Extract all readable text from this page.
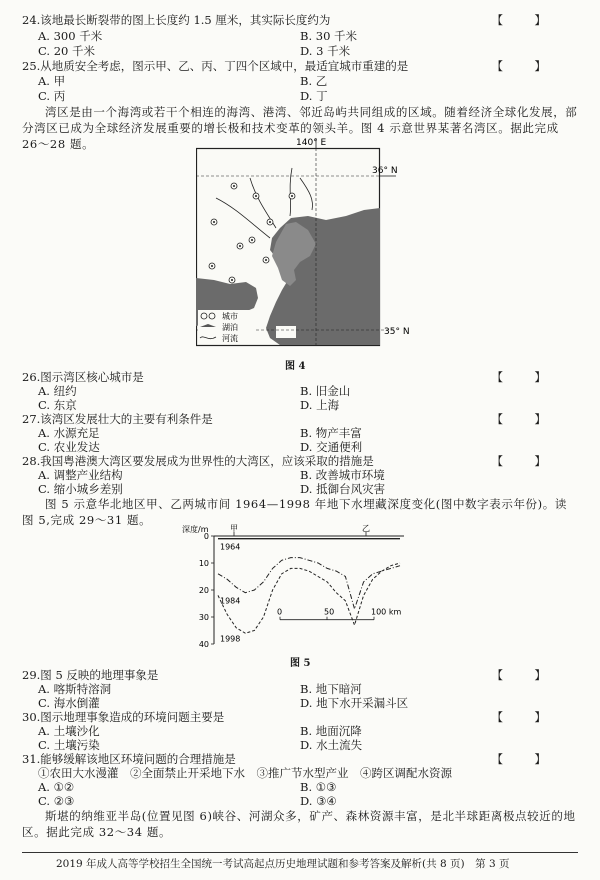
24.该地最长断裂带的图上长度约 1.5 厘米，其实际长度约为	【　】
A. 300 千米	B. 30 千米
C. 20 千米	D. 3 千米
25.从地质安全考虑，图示甲、乙、丙、丁四个区域中，最适宜城市重建的是	【　】
A. 甲	B. 乙
C. 丙	D. 丁
湾区是由一个海湾或若干个相连的海湾、港湾、邻近岛屿共同组成的区域。随着经济全球化发展，部分湾区已成为全球经济发展重要的增长极和技术变革的领头羊。图 4 示意世界某著名湾区。据此完成 26～28 题。
城市
湖泊
河流
140° E
36° N
35° N
图 4
26.图示湾区核心城市是	【　】
A. 纽约	B. 旧金山
C. 东京	D. 上海
27.该湾区发展壮大的主要有利条件是	【　】
A. 水源充足	B. 物产丰富
C. 农业发达	D. 交通便利
28.我国粤港澳大湾区要发展成为世界性的大湾区，应该采取的措施是	【　】
A. 调整产业结构	B. 改善城市环境
C. 缩小城乡差别	D. 抵御台风灾害
图 5 示意华北地区甲、乙两城市间 1964—1998 年地下水埋藏深度变化(图中数字表示年份)。读图 5,完成 29～31 题。
深度/m
0
10
20
30
40
甲	乙
1964
1984
1998
0	50	100 km
图 5
29.图 5 反映的地理事象是	【　】
A. 喀斯特溶洞	B. 地下暗河
C. 海水倒灌	D. 地下水开采漏斗区
30.图示地理事象造成的环境问题主要是	【　】
A. 土壤沙化	B. 地面沉降
C. 土壤污染	D. 水土流失
31.能够缓解该地区环境问题的合理措施是	【　】
①农田大水漫灌　②全面禁止开采地下水　③推广节水型产业　④跨区调配水资源
A. ①②	B. ①③
C. ②③	D. ③④
斯堪的纳维亚半岛(位置见图 6)峡谷、河湖众多，矿产、森林资源丰富，是北半球距离极点较近的地区。据此完成 32～34 题。
2019 年成人高等学校招生全国统一考试高起点历史地理试题和参考答案及解析(共 8 页)　第 3 页
